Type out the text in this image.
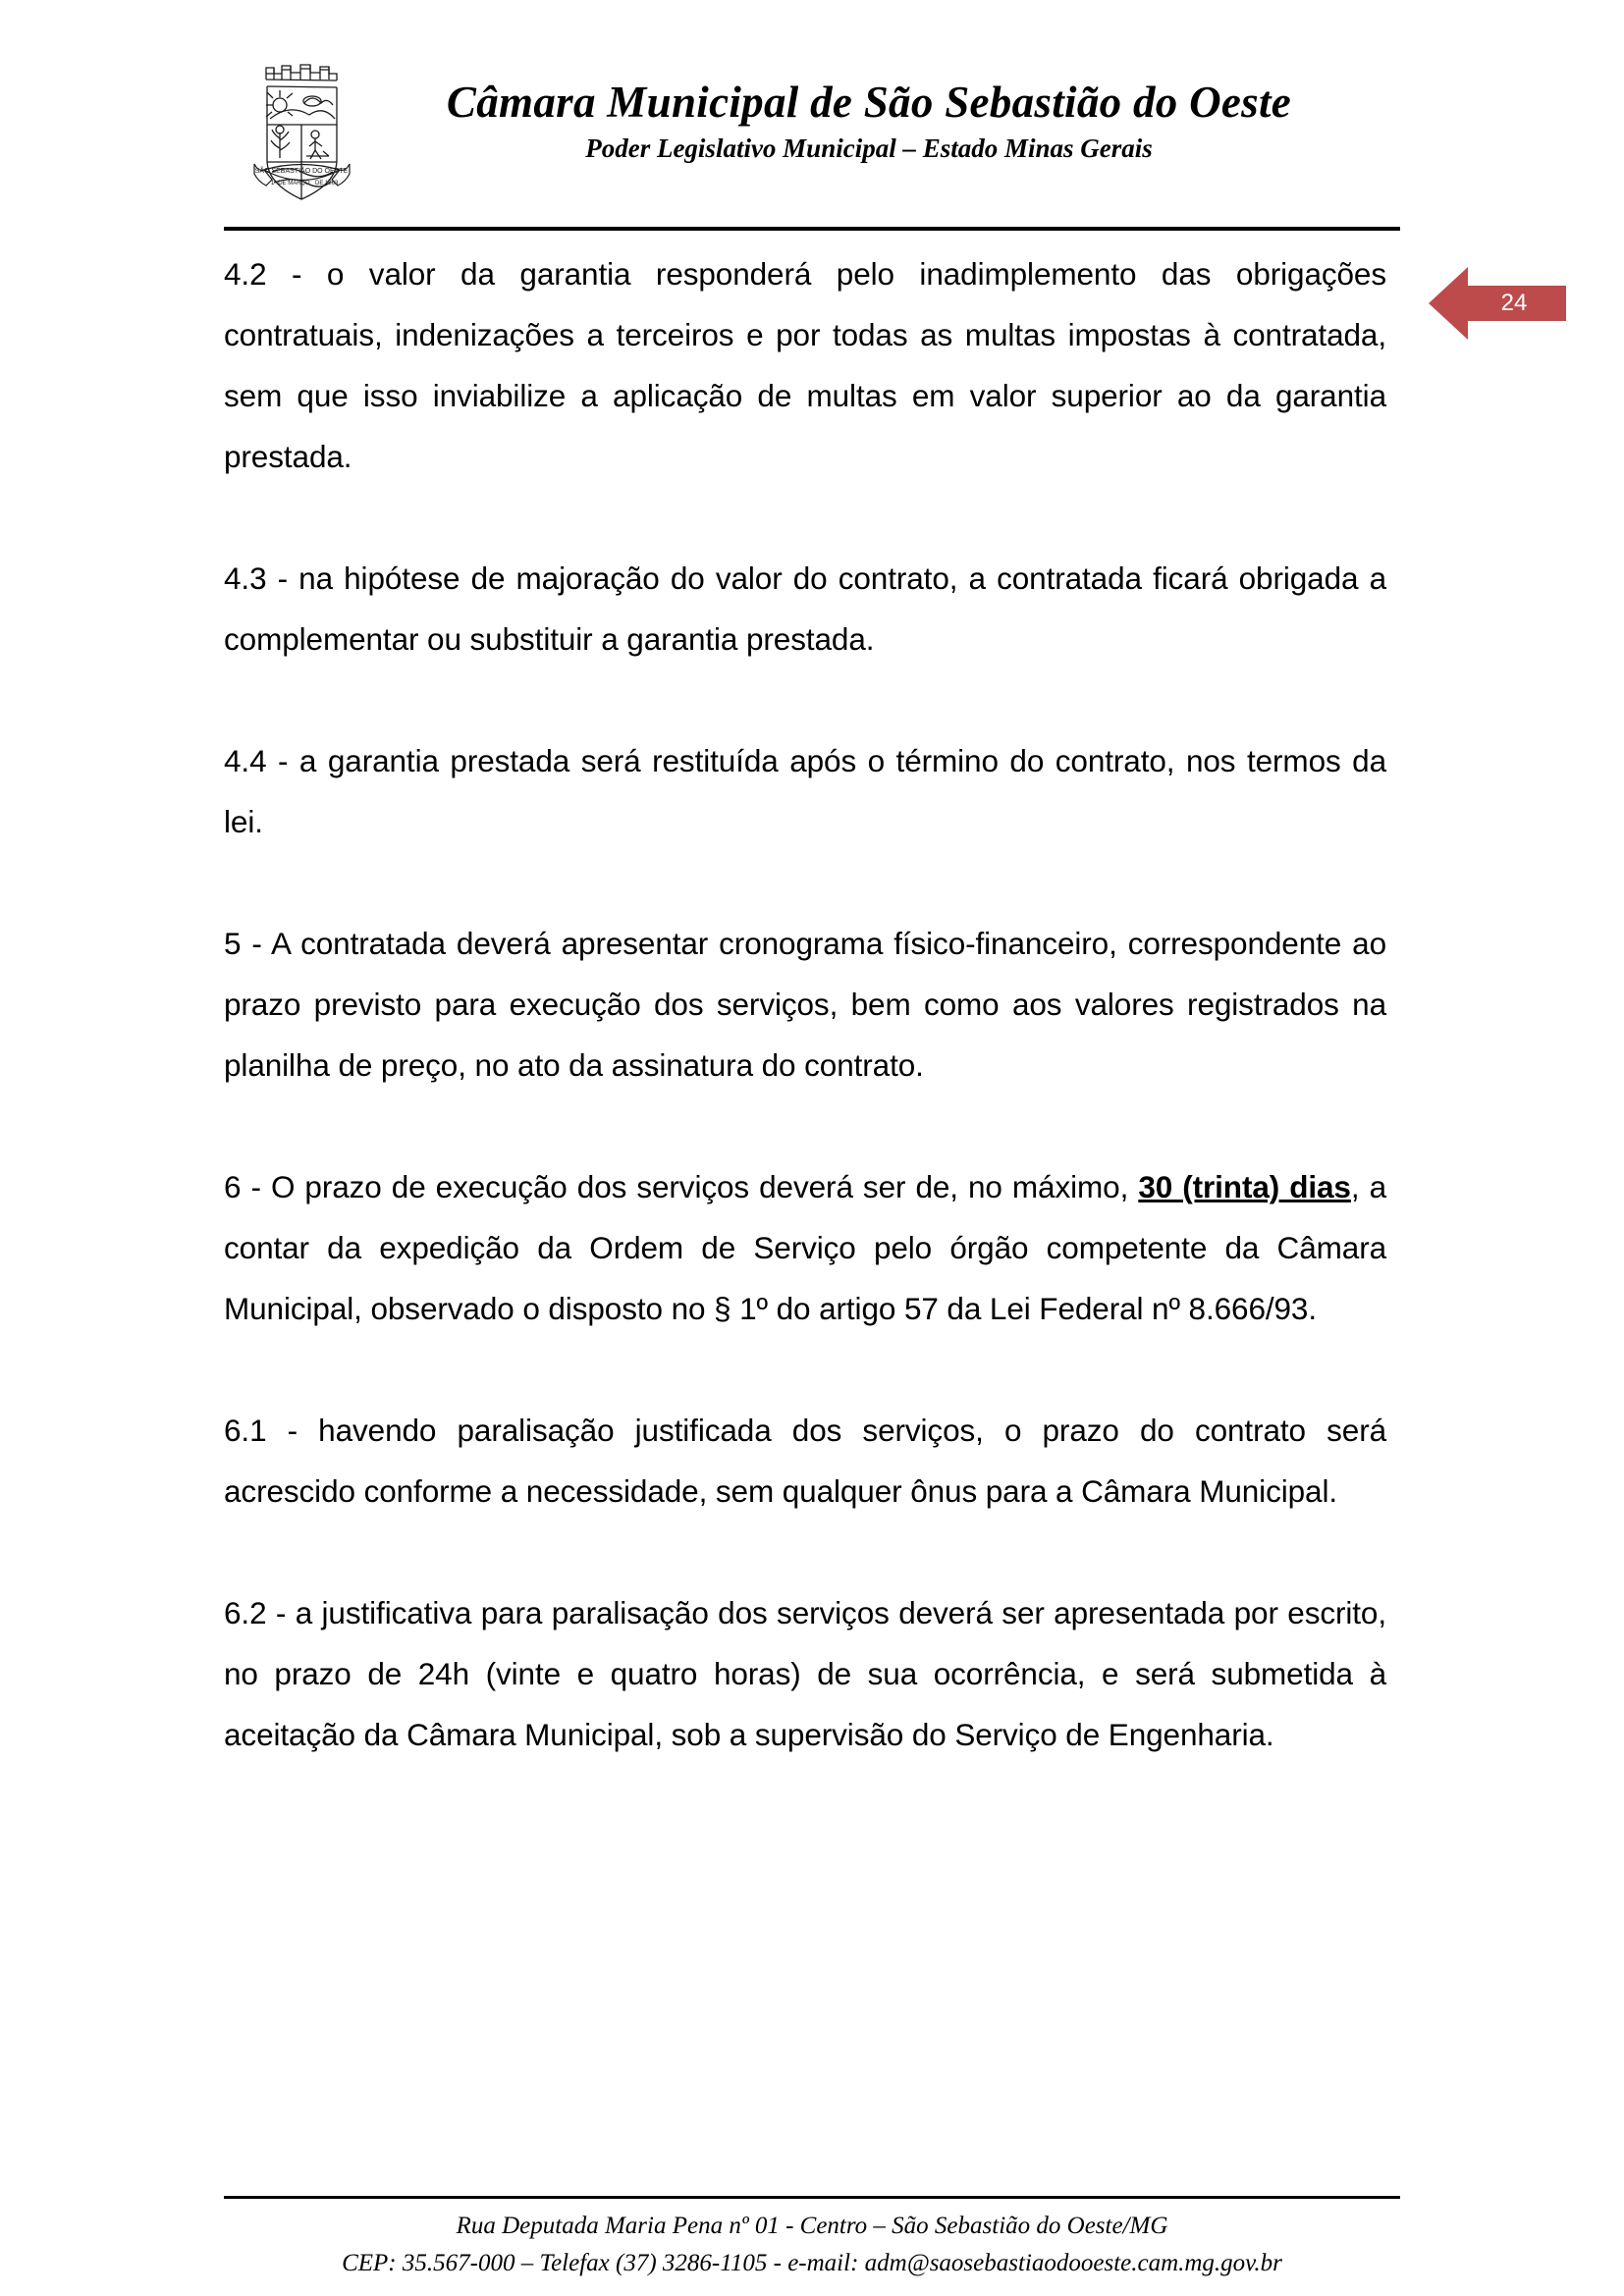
SÃO SEBASTIÃO DO OESTE
1º DE MARÇO DE 1963
Câmara Municipal de São Sebastião do Oeste
Poder Legislativo Municipal – Estado Minas Gerais

4.2 - o valor da garantia responderá pelo inadimplemento das obrigações contratuais, indenizações a terceiros e por todas as multas impostas à contratada, sem que isso inviabilize a aplicação de multas em valor superior ao da garantia prestada.

4.3 - na hipótese de majoração do valor do contrato, a contratada ficará obrigada a complementar ou substituir a garantia prestada.

4.4 - a garantia prestada será restituída após o término do contrato, nos termos da lei.

5 - A contratada deverá apresentar cronograma físico-financeiro, correspondente ao prazo previsto para execução dos serviços, bem como aos valores registrados na planilha de preço, no ato da assinatura do contrato.

6 - O prazo de execução dos serviços deverá ser de, no máximo, 30 (trinta) dias, a contar da expedição da Ordem de Serviço pelo órgão competente da Câmara Municipal, observado o disposto no § 1º do artigo 57 da Lei Federal nº 8.666/93.

6.1 - havendo paralisação justificada dos serviços, o prazo do contrato será acrescido conforme a necessidade, sem qualquer ônus para a Câmara Municipal.

6.2 - a justificativa para paralisação dos serviços deverá ser apresentada por escrito, no prazo de 24h (vinte e quatro horas) de sua ocorrência, e será submetida à aceitação da Câmara Municipal, sob a supervisão do Serviço de Engenharia.

24
Rua Deputada Maria Pena nº 01 - Centro – São Sebastião do Oeste/MG
CEP: 35.567-000 – Telefax (37) 3286-1105 - e-mail: adm@saosebastiaodooeste.cam.mg.gov.br
